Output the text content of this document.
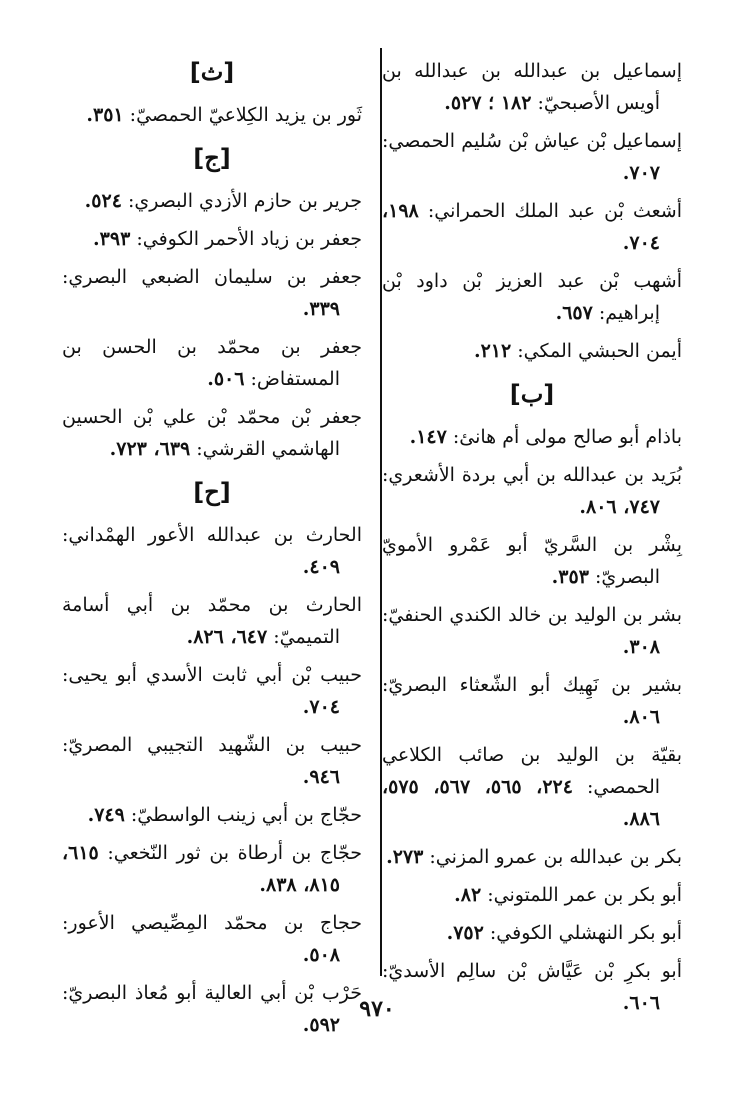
إسماعيل بن عبدالله بن عبدالله بن أويس الأصبحيّ: ١٨٢ ؛ ٥٢٧.

إسماعيل بْن عياش بْن سُليم الحمصي: ٧٠٧.

أشعث بْن عبد الملك الحمراني: ١٩٨، ٧٠٤.

أشهب بْن عبد العزيز بْن داود بْن إبراهيم: ٦٥٧.

أيمن الحبشي المكي: ٢١٢.

[ب]

باذام أبو صالح مولى أم هانئ: ١٤٧.

بُرَيد بن عبدالله بن أبي بردة الأشعري: ٧٤٧، ٨٠٦.

بِشْر بن السَّريّ أبو عَمْرو الأمويّ البصريّ: ٣٥٣.

بشر بن الوليد بن خالد الكندي الحنفيّ: ٣٠٨.

بشير بن نَهِيك أبو الشّعثاء البصريّ: ٨٠٦.

بقيّة بن الوليد بن صائب الكلاعي الحمصي: ٢٢٤، ٥٦٥، ٥٦٧، ٥٧٥، ٨٨٦.

بكر بن عبدالله بن عمرو المزني: ٢٧٣.

أبو بكر بن عمر اللمتوني: ٨٢.

أبو بكر النهشلي الكوفي: ٧٥٢.

أبو بكرِ بْن عَيَّاش بْن سالِم الأسديّ: ٦٠٦.

[ث]

ثَور بن يزيد الكِلاعيّ الحمصيّ: ٣٥١.

[ج]

جرير بن حازم الأزدي البصري: ٥٢٤.

جعفر بن زياد الأحمر الكوفي: ٣٩٣.

جعفر بن سليمان الضبعي البصري: ٣٣٩.

جعفر بن محمّد بن الحسن بن المستفاض: ٥٠٦.

جعفر بْن محمّد بْن علي بْن الحسين الهاشمي القرشي: ٦٣٩، ٧٢٣.

[ح]

الحارث بن عبدالله الأعور الهمْداني: ٤٠٩.

الحارث بن محمّد بن أبي أسامة التميميّ: ٦٤٧، ٨٢٦.

حبيب بْن أبي ثابت الأسدي أبو يحيى: ٧٠٤.

حبيب بن الشّهيد التجيبي المصريّ: ٩٤٦.

حجّاج بن أبي زينب الواسطيّ: ٧٤٩.

حجّاج بن أرطاة بن ثور النّخعي: ٦١٥، ٨١٥، ٨٣٨.

حجاج بن محمّد المِصِّيصي الأعور: ٥٠٨.

حَرْب بْن أبي العالية أبو مُعاذ البصريّ: ٥٩٢.

٩٧٠
